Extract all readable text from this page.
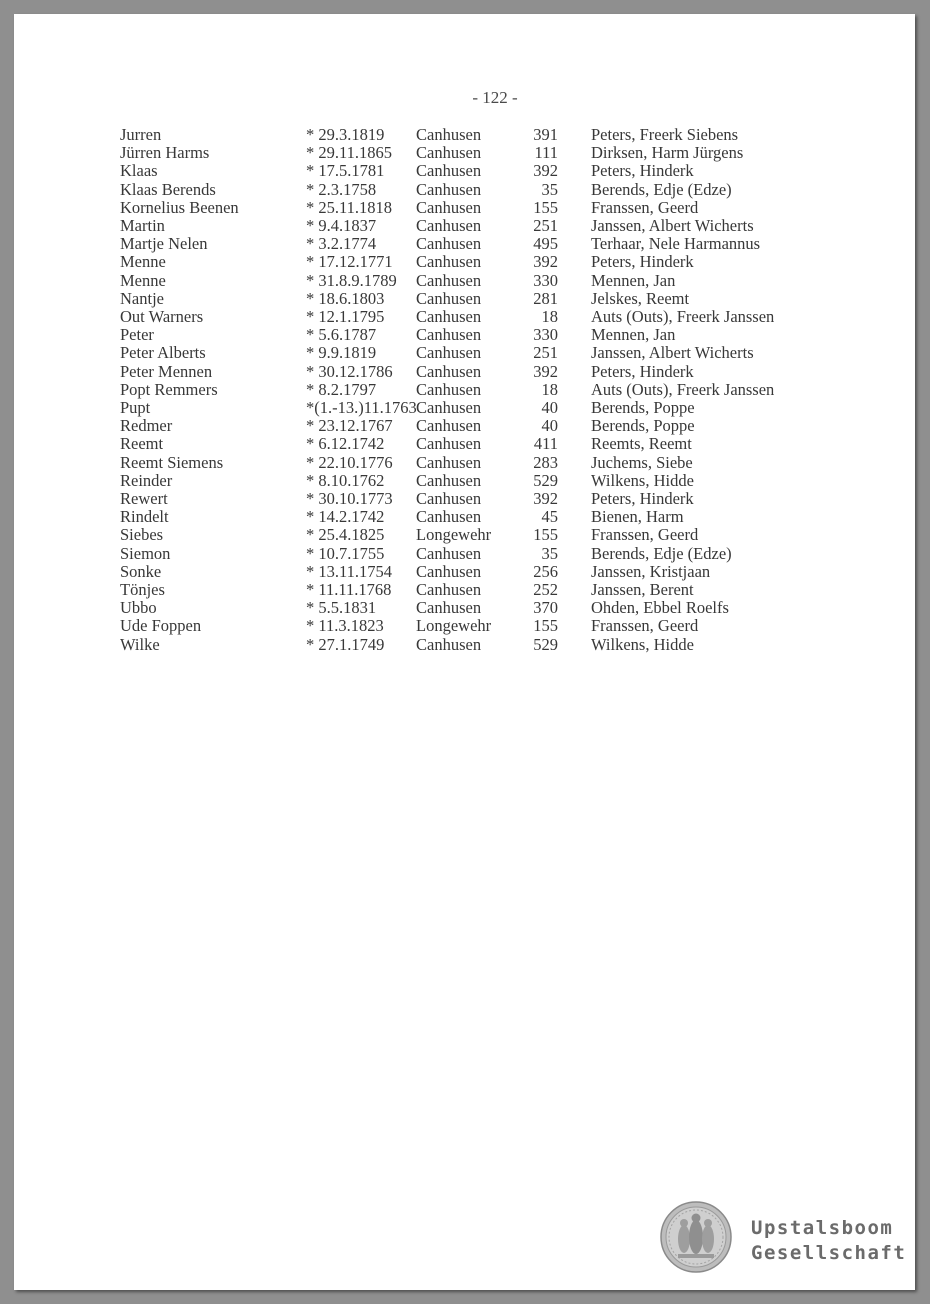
- 122 -
Jurren	* 29.3.1819 Canhusen	391 Peters, Freerk Siebens
Jürren Harms	* 29.11.1865 Canhusen	111 Dirksen, Harm Jürgens
Klaas	* 17.5.1781 Canhusen	392 Peters, Hinderk
Klaas Berends	* 2.3.1758 Canhusen	35 Berends, Edje (Edze)
Kornelius Beenen	* 25.11.1818 Canhusen	155 Franssen, Geerd
Martin	* 9.4.1837 Canhusen	251 Janssen, Albert Wicherts
Martje Nelen	* 3.2.1774 Canhusen	495 Terhaar, Nele Harmannus
Menne	* 17.12.1771 Canhusen	392 Peters, Hinderk
Menne	* 31.8.9.1789 Canhusen	330 Mennen, Jan
Nantje	* 18.6.1803 Canhusen	281 Jelskes, Reemt
Out Warners	* 12.1.1795 Canhusen	18 Auts (Outs), Freerk Janssen
Peter	* 5.6.1787 Canhusen	330 Mennen, Jan
Peter Alberts	* 9.9.1819 Canhusen	251 Janssen, Albert Wicherts
Peter Mennen	* 30.12.1786 Canhusen	392 Peters, Hinderk
Popt Remmers	* 8.2.1797 Canhusen	18 Auts (Outs), Freerk Janssen
Pupt	*(1.-13.)11.1763 Canhusen	40 Berends, Poppe
Redmer	* 23.12.1767 Canhusen	40 Berends, Poppe
Reemt	* 6.12.1742 Canhusen	411 Reemts, Reemt
Reemt Siemens	* 22.10.1776 Canhusen	283 Juchems, Siebe
Reinder	* 8.10.1762 Canhusen	529 Wilkens, Hidde
Rewert	* 30.10.1773 Canhusen	392 Peters, Hinderk
Rindelt	* 14.2.1742 Canhusen	45 Bienen, Harm
Siebes	* 25.4.1825 Longewehr	155 Franssen, Geerd
Siemon	* 10.7.1755 Canhusen	35 Berends, Edje (Edze)
Sonke	* 13.11.1754 Canhusen	256 Janssen, Kristjaan
Tönjes	* 11.11.1768 Canhusen	252 Janssen, Berent
Ubbo	* 5.5.1831 Canhusen	370 Ohden, Ebbel Roelfs
Ude Foppen	* 11.3.1823 Longewehr	155 Franssen, Geerd
Wilke	* 27.1.1749 Canhusen	529 Wilkens, Hidde
Upstalsboom
Gesellschaft
